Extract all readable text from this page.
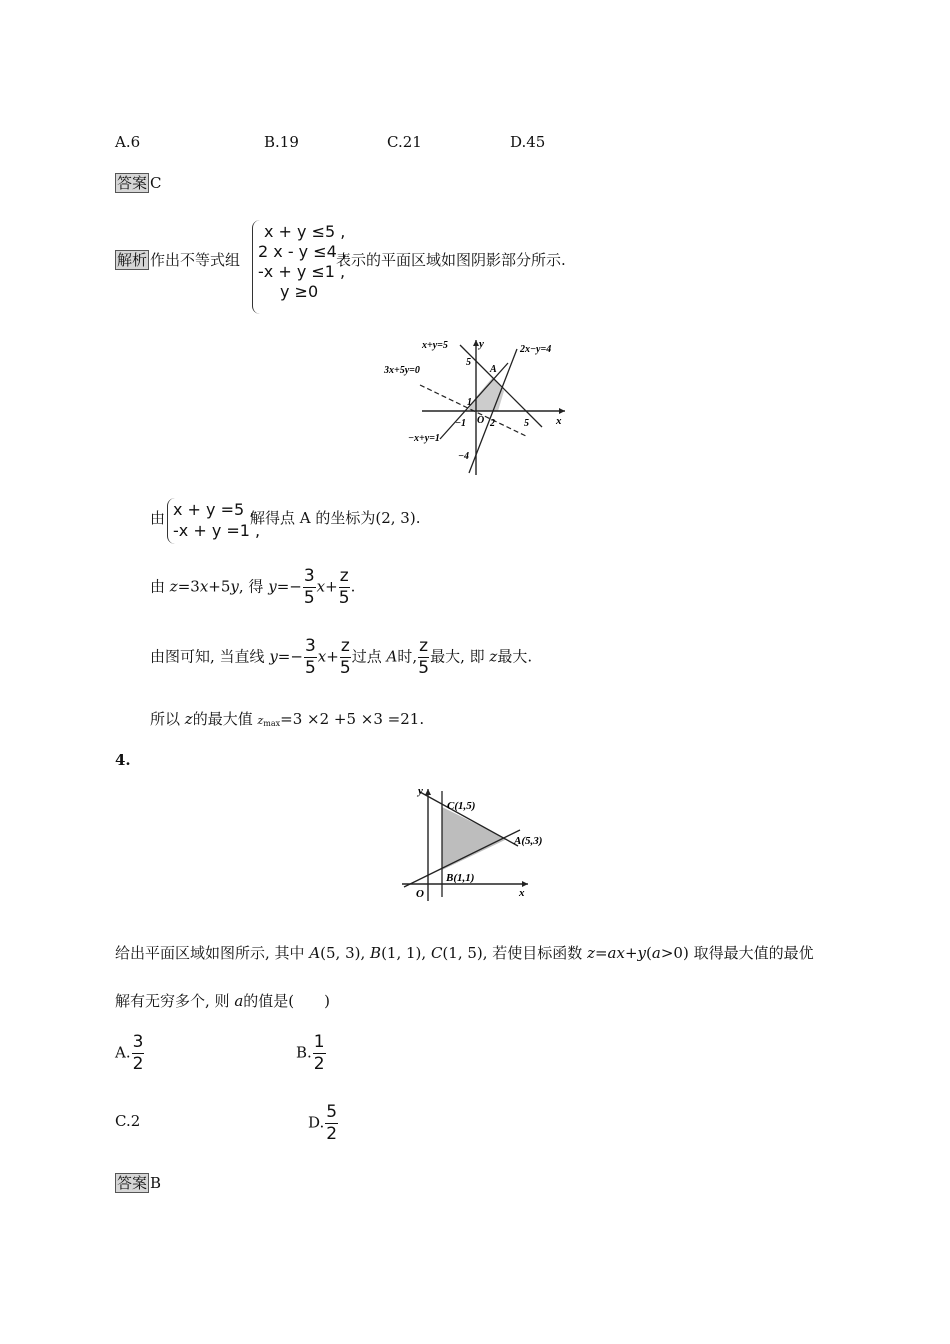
A.6	B.19	C.21	D.45
答案 C
解析 作出不等式组
x + y ≤5 ,
2 x - y ≤4 ,
-x + y ≤1 ,
y ≥0
表示的平面区域如图阴影部分所示.
x+y=5	2x−y=4
3x+5y=0
−x+y=1
y
x
O
A
5
1
−1 2	5
−4
由 x + y =5 ,
-x + y =1 ,
解得点 A 的坐标为(2, 3).
由 z=3x+5y, 得 $y=- \frac{3}{5} x+ \frac{z}{5}$ .
由图可知, 当直线 $y=- \frac{3}{5} x+ \frac{z}{5}$ 过点 A时, $\frac{z}{5}$ 最大, 即 z最大.
所以 z的最大值 $z_{max}=3 \times 2 +5 \times 3 =21$.
4.
y
x
O
C(1,5)
A(5,3)
B(1,1)
给出平面区域如图所示, 其中 A(5, 3), B(1, 1), C(1, 5), 若使目标函数 z=ax+y(a>0) 取得最大值的最优
解有无穷多个, 则 a的值是(　　)
A. $\frac{3}{2}$	B. $\frac{1}{2}$
C.2	D. $\frac{5}{2}$
答案 B
